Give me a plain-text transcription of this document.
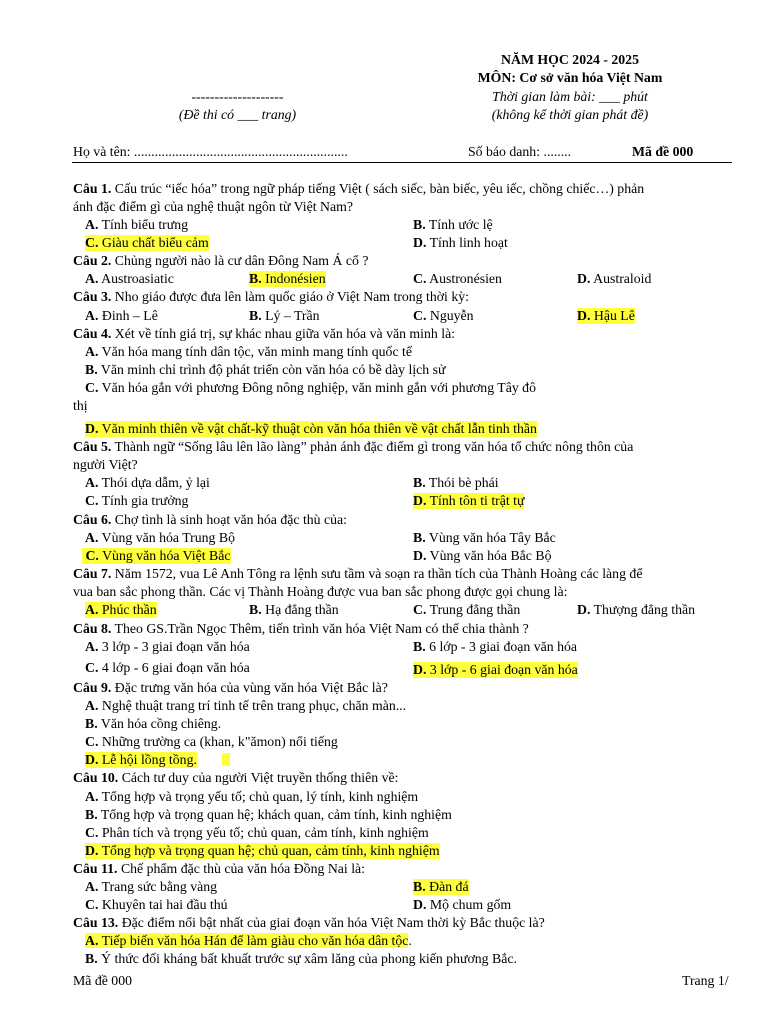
NĂM HỌC 2024 - 2025
MÔN: Cơ sở văn hóa Việt Nam
Thời gian làm bài: ___ phút
(không kể thời gian phát đề)
--------------------
(Đề thi có ___ trang)
Họ và tên: ..............................................................	Số báo danh: ........	Mã đề 000
Câu 1. Cấu trúc “iếc hóa” trong ngữ pháp tiếng Việt ( sách siếc, bàn biếc, yêu iếc, chồng chiếc…) phản
ánh đặc điểm gì của nghệ thuật ngôn từ Việt Nam?
A. Tính biểu trưng	B. Tính ước lệ
C. Giàu chất biểu cảm	D. Tính linh hoạt
Câu 2. Chủng người nào là cư dân Đông Nam Á cổ ?
A. Austroasiatic	B. Indonésien	C. Austronésien	D. Australoid
Câu 3. Nho giáo được đưa lên làm quốc giáo ở Việt Nam trong thời kỳ:
A. Đinh – Lê	B. Lý – Trần	C. Nguyễn	D. Hậu Lê
Câu 4. Xét về tính giá trị, sự khác nhau giữa văn hóa và văn minh là:
A. Văn hóa mang tính dân tộc, văn minh mang tính quốc tế
B. Văn minh chỉ trình độ phát triển còn văn hóa có bề dày lịch sử
C. Văn hóa gắn với phương Đông nông nghiệp, văn minh gắn với phương Tây đô
thị
D. Văn minh thiên về vật chất-kỹ thuật còn văn hóa thiên về vật chất lẫn tinh thần
Câu 5. Thành ngữ “Sống lâu lên lão làng” phản ánh đặc điểm gì trong văn hóa tổ chức nông thôn của
người Việt?
A. Thói dựa dẫm, ỷ lại	B. Thói bè phái
C. Tính gia trưởng	D. Tính tôn ti trật tự
Câu 6. Chợ tình là sinh hoạt văn hóa đặc thù của:
A. Vùng văn hóa Trung Bộ	B. Vùng văn hóa Tây Bắc
C. Vùng văn hóa Việt Bắc	D. Vùng văn hóa Bắc Bộ
Câu 7. Năm 1572, vua Lê Anh Tông ra lệnh sưu tầm và soạn ra thần tích của Thành Hoàng các làng để
vua ban sắc phong thần. Các vị Thành Hoàng được vua ban sắc phong được gọi chung là:
A. Phúc thần	B. Hạ đẳng thần	C. Trung đẳng thần	D. Thượng đẳng thần
Câu 8. Theo GS.Trần Ngọc Thêm, tiến trình văn hóa Việt Nam có thể chia thành ?
A. 3 lớp - 3 giai đoạn văn hóa	B. 6 lớp - 3 giai đoạn văn hóa
C. 4 lớp - 6 giai đoạn văn hóa	D. 3 lớp - 6 giai đoạn văn hóa
Câu 9. Đặc trưng văn hóa của vùng văn hóa Việt Bắc là?
A. Nghệ thuật trang trí tinh tế trên trang phục, chăn màn...
B. Văn hóa cồng chiêng.
C. Những trường ca (khan, k"ămon) nổi tiếng
D. Lễ hội lồng tồng.
Câu 10. Cách tư duy của người Việt truyền thống thiên về:
A. Tổng hợp và trọng yếu tố; chủ quan, lý tính, kinh nghiệm
B. Tổng hợp và trọng quan hệ; khách quan, cảm tính, kinh nghiệm
C. Phân tích và trọng yếu tố; chủ quan, cảm tính, kinh nghiệm
D. Tổng hợp và trọng quan hệ; chủ quan, cảm tính, kinh nghiệm
Câu 11. Chế phẩm đặc thù của văn hóa Đồng Nai là:
A. Trang sức bằng vàng	B. Đàn đá
C. Khuyên tai hai đầu thú	D. Mộ chum gốm
Câu 13. Đặc điểm nổi bật nhất của giai đoạn văn hóa Việt Nam thời kỳ Bắc thuộc là?
A. Tiếp biến văn hóa Hán để làm giàu cho văn hóa dân tộc.
B. Ý thức đối kháng bất khuất trước sự xâm lăng của phong kiến phương Bắc.
Mã đề 000	Trang 1/
